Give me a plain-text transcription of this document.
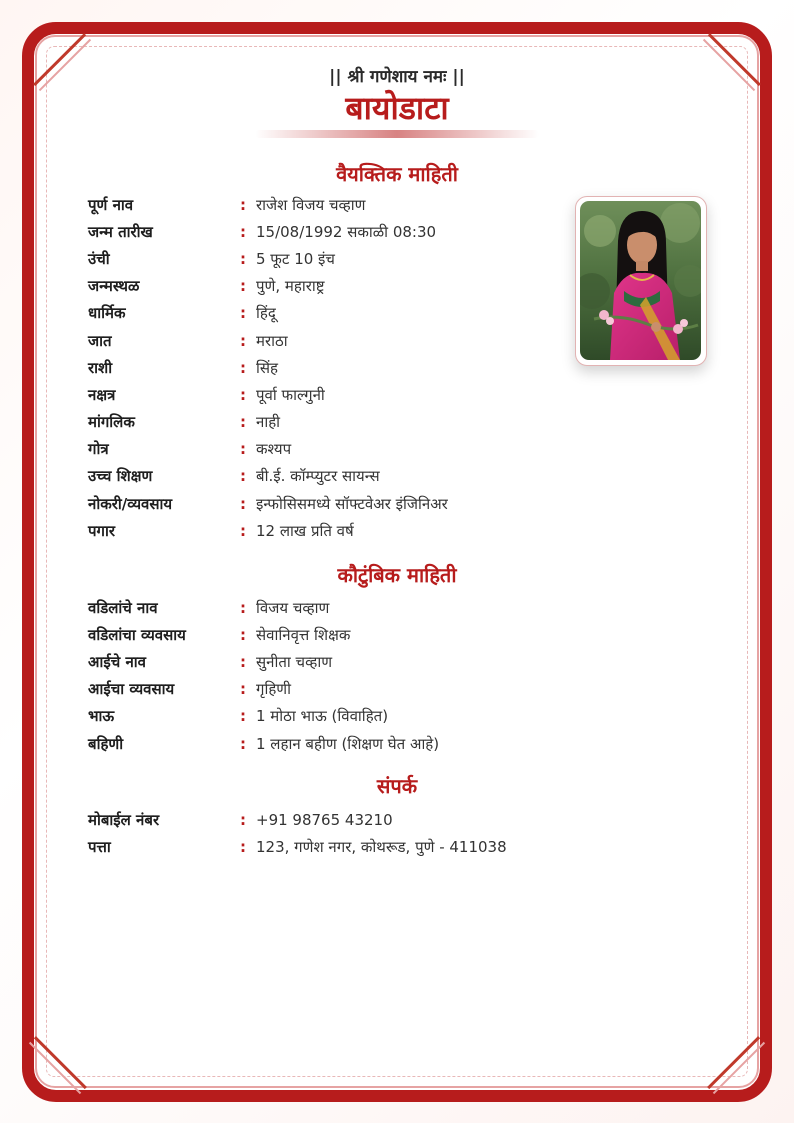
|| श्री गणेशाय नमः ||
बायोडाटा
वैयक्तिक माहिती
पूर्ण नाव	: राजेश विजय चव्हाण
जन्म तारीख	: 15/08/1992 सकाळी 08:30
उंची	: 5 फूट 10 इंच
जन्मस्थळ	: पुणे, महाराष्ट्र
धार्मिक	: हिंदू
जात	: मराठा
राशी	: सिंह
नक्षत्र	: पूर्वा फाल्गुनी
मांगलिक	: नाही
गोत्र	: कश्यप
उच्च शिक्षण	: बी.ई. कॉम्प्युटर सायन्स
नोकरी/व्यवसाय	: इन्फोसिसमध्ये सॉफ्टवेअर इंजिनिअर
पगार	: 12 लाख प्रति वर्ष
कौटुंबिक माहिती
वडिलांचे नाव	: विजय चव्हाण
वडिलांचा व्यवसाय	: सेवानिवृत्त शिक्षक
आईचे नाव	: सुनीता चव्हाण
आईचा व्यवसाय	: गृहिणी
भाऊ	: 1 मोठा भाऊ (विवाहित)
बहिणी	: 1 लहान बहीण (शिक्षण घेत आहे)
संपर्क
मोबाईल नंबर	: +91 98765 43210
पत्ता	: 123, गणेश नगर, कोथरूड, पुणे - 411038
